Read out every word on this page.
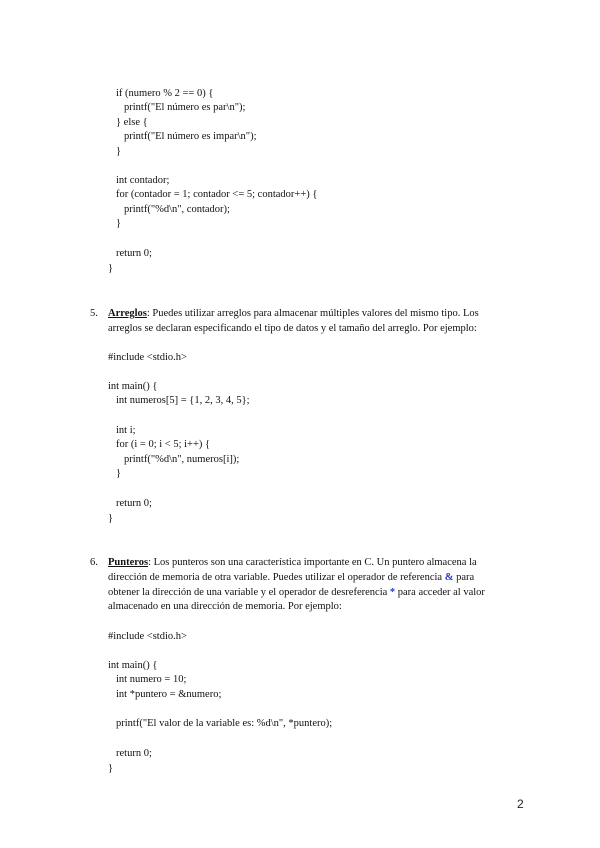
if (numero % 2 == 0) {
printf("El número es par\n");
} else {
printf("El número es impar\n");
}
int contador;
for (contador = 1; contador <= 5; contador++) {
printf("%d\n", contador);
}
return 0;
}
5. Arreglos: Puedes utilizar arreglos para almacenar múltiples valores del mismo tipo. Los
arreglos se declaran especificando el tipo de datos y el tamaño del arreglo. Por ejemplo:
#include <stdio.h>
int main() {
int numeros[5] = {1, 2, 3, 4, 5};
int i;
for (i = 0; i < 5; i++) {
printf("%d\n", numeros[i]);
}
return 0;
}
6. Punteros: Los punteros son una característica importante en C. Un puntero almacena la
dirección de memoria de otra variable. Puedes utilizar el operador de referencia & para
obtener la dirección de una variable y el operador de desreferencia * para acceder al valor
almacenado en una dirección de memoria. Por ejemplo:
#include <stdio.h>
int main() {
int numero = 10;
int *puntero = &numero;
printf("El valor de la variable es: %d\n", *puntero);
return 0;
}
2
